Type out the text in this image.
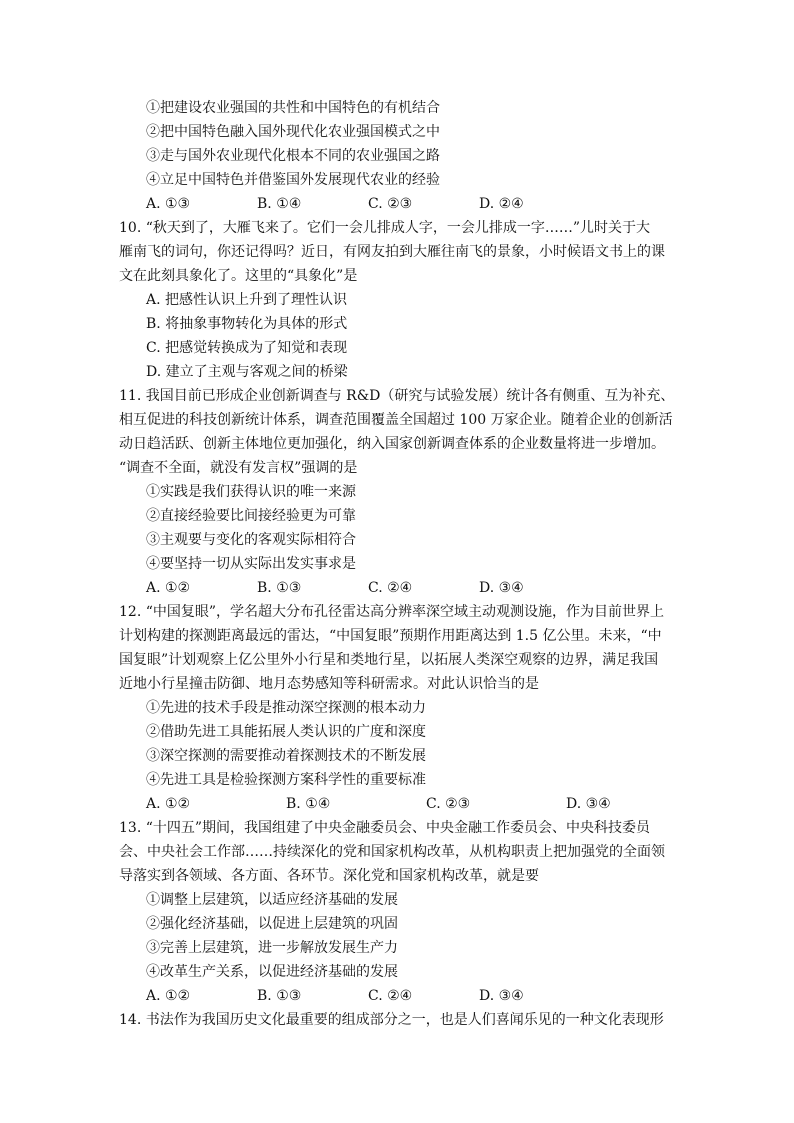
①把建设农业强国的共性和中国特色的有机结合
②把中国特色融入国外现代化农业强国模式之中
③走与国外农业现代化根本不同的农业强国之路
④立足中国特色并借鉴国外发展现代农业的经验
A. ①③	B. ①④	C. ②③	D. ②④
10. “秋天到了，大雁飞来了。它们一会儿排成人字，一会儿排成一字……”儿时关于大
雁南飞的词句，你还记得吗？近日，有网友拍到大雁往南飞的景象，小时候语文书上的课
文在此刻具象化了。这里的“具象化”是
A. 把感性认识上升到了理性认识
B. 将抽象事物转化为具体的形式
C. 把感觉转换成为了知觉和表现
D. 建立了主观与客观之间的桥梁
11. 我国目前已形成企业创新调查与 R&D（研究与试验发展）统计各有侧重、互为补充、
相互促进的科技创新统计体系，调查范围覆盖全国超过 100 万家企业。随着企业的创新活
动日趋活跃、创新主体地位更加强化，纳入国家创新调查体系的企业数量将进一步增加。
“调查不全面，就没有发言权”强调的是
①实践是我们获得认识的唯一来源
②直接经验要比间接经验更为可靠
③主观要与变化的客观实际相符合
④要坚持一切从实际出发实事求是
A. ①②	B. ①③	C. ②④	D. ③④
12. “中国复眼”，学名超大分布孔径雷达高分辨率深空域主动观测设施，作为目前世界上
计划构建的探测距离最远的雷达，“中国复眼”预期作用距离达到 1.5 亿公里。未来，“中
国复眼”计划观察上亿公里外小行星和类地行星，以拓展人类深空观察的边界，满足我国
近地小行星撞击防御、地月态势感知等科研需求。对此认识恰当的是
①先进的技术手段是推动深空探测的根本动力
②借助先进工具能拓展人类认识的广度和深度
③深空探测的需要推动着探测技术的不断发展
④先进工具是检验探测方案科学性的重要标准
A. ①②	B. ①④	C. ②③	D. ③④
13. “十四五”期间，我国组建了中央金融委员会、中央金融工作委员会、中央科技委员
会、中央社会工作部……持续深化的党和国家机构改革，从机构职责上把加强党的全面领
导落实到各领域、各方面、各环节。深化党和国家机构改革，就是要
①调整上层建筑，以适应经济基础的发展
②强化经济基础，以促进上层建筑的巩固
③完善上层建筑，进一步解放发展生产力
④改革生产关系，以促进经济基础的发展
A. ①②	B. ①③	C. ②④	D. ③④
14. 书法作为我国历史文化最重要的组成部分之一，也是人们喜闻乐见的一种文化表现形
